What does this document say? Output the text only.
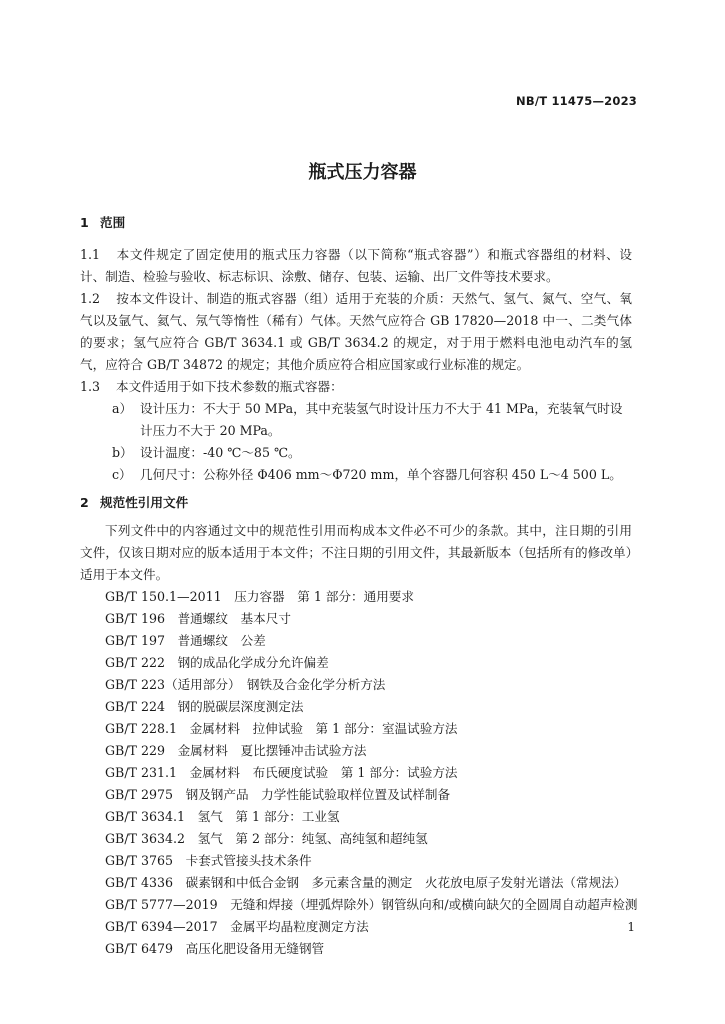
NB/T 11475—2023
瓶式压力容器
1 范围

1.1 本文件规定了固定使用的瓶式压力容器（以下简称“瓶式容器”）和瓶式容器组的材料、设计、制造、检验与验收、标志标识、涂敷、储存、包装、运输、出厂文件等技术要求。

1.2 按本文件设计、制造的瓶式容器（组）适用于充装的介质：天然气、氢气、氮气、空气、氧气以及氩气、氦气、氖气等惰性（稀有）气体。天然气应符合 GB 17820—2018 中一、二类气体的要求；氢气应符合 GB/T 3634.1 或 GB/T 3634.2 的规定，对于用于燃料电池电动汽车的氢气，应符合 GB/T 34872 的规定；其他介质应符合相应国家或行业标准的规定。

1.3 本文件适用于如下技术参数的瓶式容器：

a） 设计压力：不大于 50 MPa，其中充装氢气时设计压力不大于 41 MPa，充装氧气时设计压力不大于 20 MPa。

b） 设计温度：-40 ℃～85 ℃。

c） 几何尺寸：公称外径 Φ406 mm～Φ720 mm，单个容器几何容积 450 L～4 500 L。

2 规范性引用文件

下列文件中的内容通过文中的规范性引用而构成本文件必不可少的条款。其中，注日期的引用文件，仅该日期对应的版本适用于本文件；不注日期的引用文件，其最新版本（包括所有的修改单）适用于本文件。

GB/T 150.1—2011　压力容器　第 1 部分：通用要求

GB/T 196　普通螺纹　基本尺寸

GB/T 197　普通螺纹　公差

GB/T 222　钢的成品化学成分允许偏差

GB/T 223（适用部分）　钢铁及合金化学分析方法

GB/T 224　钢的脱碳层深度测定法

GB/T 228.1　金属材料　拉伸试验　第 1 部分：室温试验方法

GB/T 229　金属材料　夏比摆锤冲击试验方法

GB/T 231.1　金属材料　布氏硬度试验　第 1 部分：试验方法

GB/T 2975　钢及钢产品　力学性能试验取样位置及试样制备

GB/T 3634.1　氢气　第 1 部分：工业氢

GB/T 3634.2　氢气　第 2 部分：纯氢、高纯氢和超纯氢

GB/T 3765　卡套式管接头技术条件

GB/T 4336　碳素钢和中低合金钢　多元素含量的测定　火花放电原子发射光谱法（常规法）

GB/T 5777—2019　无缝和焊接（埋弧焊除外）钢管纵向和/或横向缺欠的全圆周自动超声检测

GB/T 6394—2017　金属平均晶粒度测定方法

GB/T 6479　高压化肥设备用无缝钢管

1
